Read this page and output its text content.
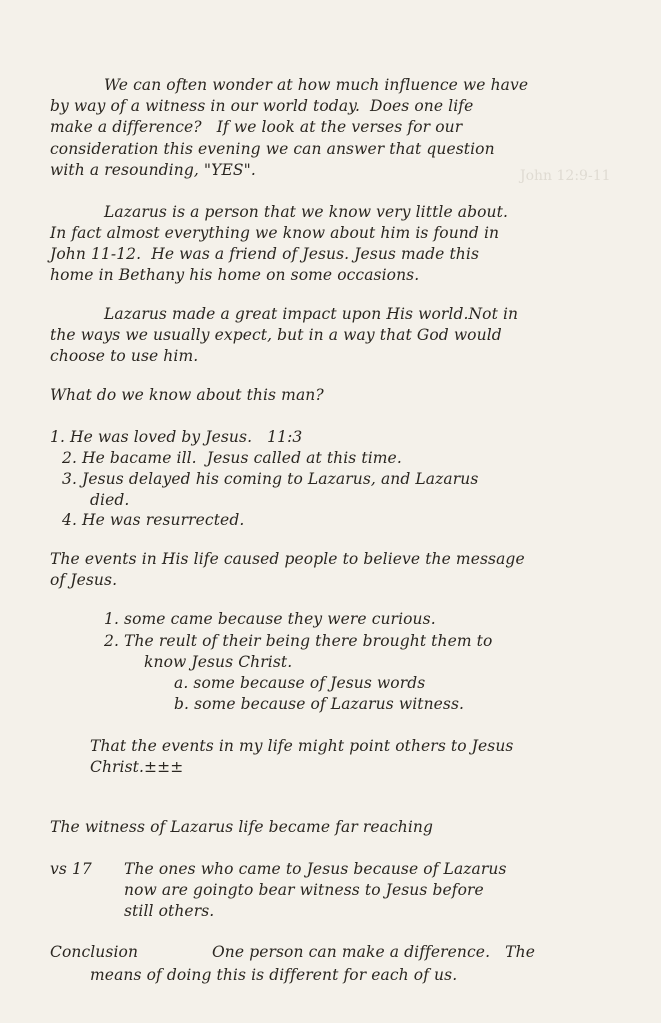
John 12:9-11
We can often wonder at how much influence we have
by way of a witness in our world today.  Does one life
make a difference?   If we look at the verses for our
consideration this evening we can answer that question
with a resounding, "YES".
Lazarus is a person that we know very little about.
In fact almost everything we know about him is found in
John 11-12.  He was a friend of Jesus. Jesus made this
home in Bethany his home on some occasions.
Lazarus made a great impact upon His world.Not in
the ways we usually expect, but in a way that God would
choose to use him.
What do we know about this man?
1. He was loved by Jesus.   11:3
2. He bacame ill.  Jesus called at this time.
3. Jesus delayed his coming to Lazarus, and Lazarus
died.
4. He was resurrected.
The events in His life caused people to believe the message
of Jesus.
1. some came because they were curious.
2. The reult of their being there brought them to
know Jesus Christ.
a. some because of Jesus words
b. some because of Lazarus witness.
That the events in my life might point others to Jesus
Christ.±±±
The witness of Lazarus life became far reaching
vs 17 The ones who came to Jesus because of Lazarus
now are goingto bear witness to Jesus before
still others.
Conclusion	One person can make a difference.   The
means of doing this is different for each of us.
